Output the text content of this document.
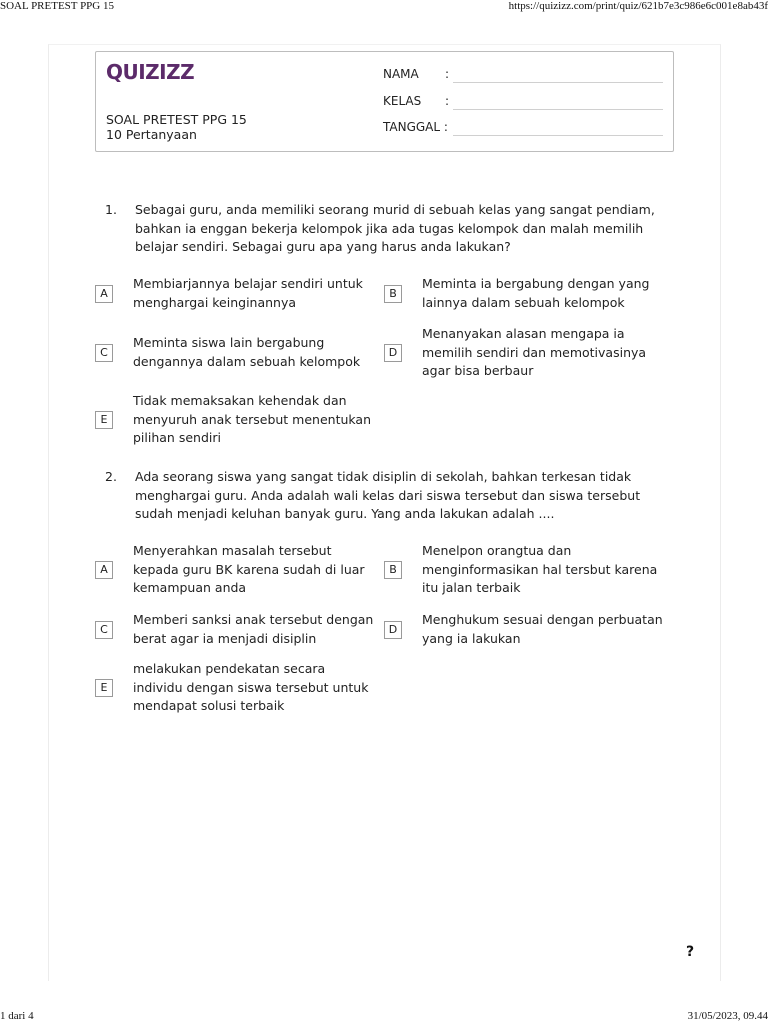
SOAL PRETEST PPG 15	https://quizizz.com/print/quiz/621b7e3c986e6c001e8ab43f
QUIZIZZ
SOAL PRETEST PPG 15
10 Pertanyaan
NAMA :
KELAS :
TANGGAL :
1.	Sebagai guru, anda memiliki seorang murid di sebuah kelas yang sangat pendiam, bahkan ia enggan bekerja kelompok jika ada tugas kelompok dan malah memilih belajar sendiri. Sebagai guru apa yang harus anda lakukan?
A
Membiarjannya belajar sendiri untuk menghargai keinginannya
B
Meminta ia bergabung dengan yang lainnya dalam sebuah kelompok
C
Meminta siswa lain bergabung dengannya dalam sebuah kelompok
D
Menanyakan alasan mengapa ia memilih sendiri dan memotivasinya agar bisa berbaur
E
Tidak memaksakan kehendak dan menyuruh anak tersebut menentukan pilihan sendiri
2.	Ada seorang siswa yang sangat tidak disiplin di sekolah, bahkan terkesan tidak menghargai guru. Anda adalah wali kelas dari siswa tersebut dan siswa tersebut sudah menjadi keluhan banyak guru. Yang anda lakukan adalah ....
A
Menyerahkan masalah tersebut kepada guru BK karena sudah di luar kemampuan anda
B
Menelpon orangtua dan menginformasikan hal tersbut karena itu jalan terbaik
C
Memberi sanksi anak tersebut dengan berat agar ia menjadi disiplin
D
Menghukum sesuai dengan perbuatan yang ia lakukan
E
melakukan pendekatan secara individu dengan siswa tersebut untuk mendapat solusi terbaik
?
1 dari 4	31/05/2023, 09.44
